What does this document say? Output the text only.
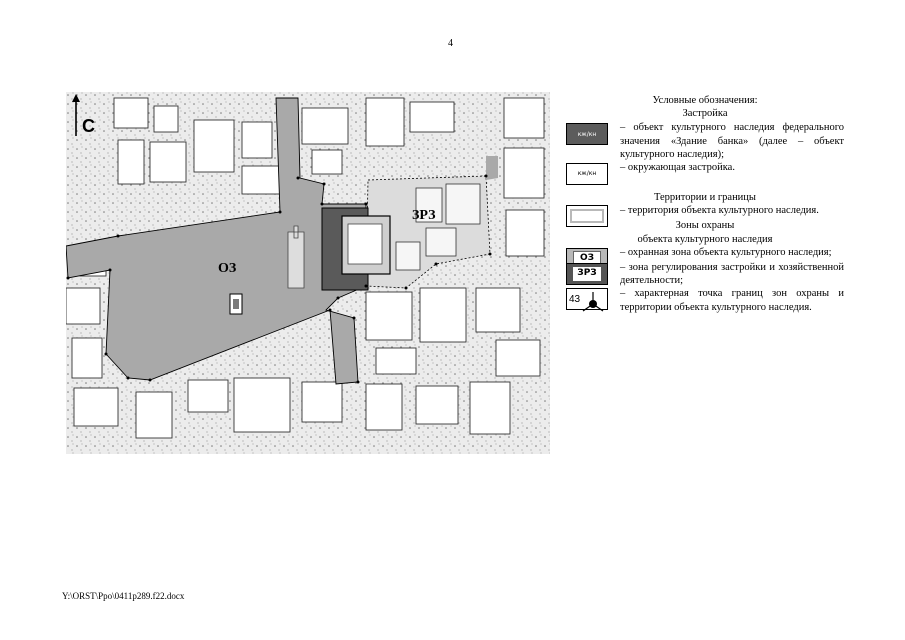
4
С
ОЗ
ЗРЗ
Условные обозначения:
Застройка
кж/кн
– объект культурного наследия федерального значения «Здание банка» (далее – объект культурного наследия);
кж/кн
– окружающая застройка.
Территории и границы
– территория объекта культурного наследия.
Зоны охраны
объекта культурного наследия
ОЗ
– охранная зона объекта культурного наследия;
ЗРЗ
– зона регулирования застройки и хозяйственной деятельности;
43
– характерная точка границ зон охраны и территории объекта культурного наследия.
Y:\ORST\Ppo\0411p289.f22.docx
